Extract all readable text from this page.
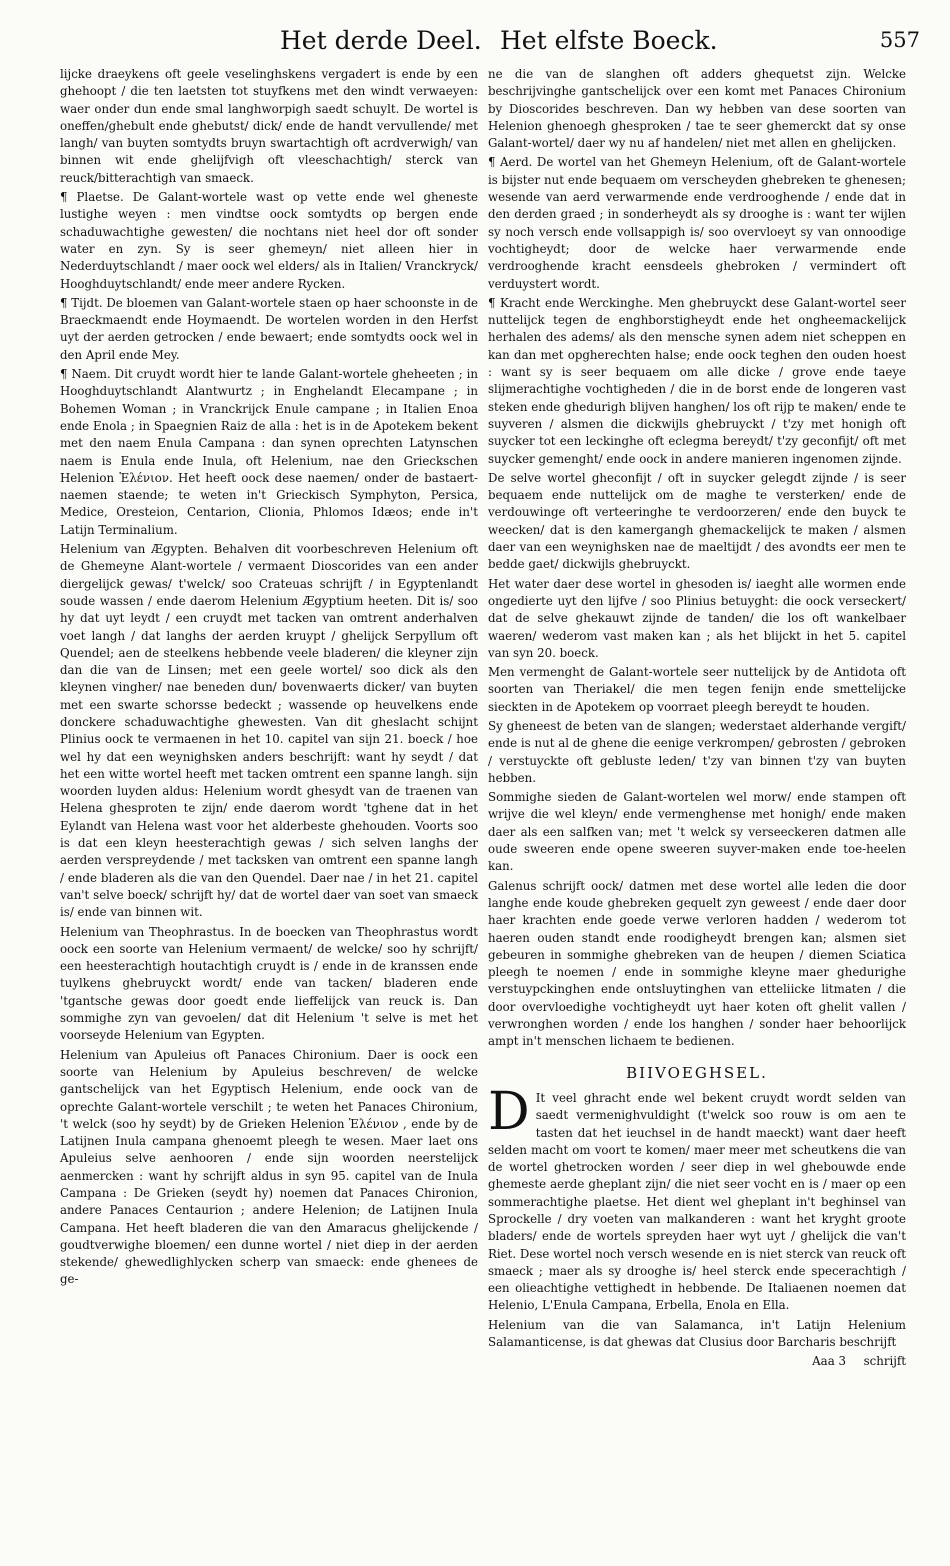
Het derde Deel. Het elfste Boeck.	557

lijcke draeykens oft geele veselinghskens vergadert is ende by een ghehoopt / die ten laetsten tot stuyfkens met den windt verwaeyen: waer onder dun ende smal langhworpigh saedt schuylt. De wortel is oneffen/ghebult ende ghebutst/ dick/ ende de handt vervullende/ met langh/ van buyten somtydts bruyn swartachtigh oft acrdverwigh/ van binnen wit ende ghelijfvigh oft vleeschachtigh/ sterck van reuck/bitterachtigh van smaeck.

¶ Plaetse. De Galant-wortele wast op vette ende wel gheneste lustighe weyen : men vindtse oock somtydts op bergen ende schaduwachtighe gewesten/ die nochtans niet heel dor oft sonder water en zyn. Sy is seer ghemeyn/ niet alleen hier in Nederduytschlandt / maer oock wel elders/ als in Italien/ Vranckryck/ Hooghduytschlandt/ ende meer andere Rycken.

¶ Tijdt. De bloemen van Galant-wortele staen op haer schoonste in de Braeckmaendt ende Hoymaendt. De wortelen worden in den Herfst uyt der aerden getrocken / ende bewaert; ende somtydts oock wel in den April ende Mey.

¶ Naem. Dit cruydt wordt hier te lande Galant-wortele gheheeten ; in Hooghduytschlandt Alantwurtz ; in Enghelandt Elecampane ; in Bohemen Woman ; in Vranckrijck Enule campane ; in Italien Enoa ende Enola ; in Spaegnien Raiz de alla : het is in de Apotekem bekent met den naem Enula Campana : dan synen oprechten Latynschen naem is Enula ende Inula, oft Helenium, nae den Grieckschen Helenion Ἑλένιον. Het heeft oock dese naemen/ onder de bastaert-naemen staende; te weten in't Grieckisch Symphyton, Persica, Medice, Oresteion, Centarion, Clionia, Phlomos Idæos; ende in't Latijn Terminalium.

Helenium van Ægypten. Behalven dit voorbeschreven Helenium oft de Ghemeyne Alant-wortele / vermaent Dioscorides van een ander diergelijck gewas/ t'welck/ soo Crateuas schrijft / in Egyptenlandt soude wassen / ende daerom Helenium Ægyptium heeten. Dit is/ soo hy dat uyt leydt / een cruydt met tacken van omtrent anderhalven voet langh / dat langhs der aerden kruypt / ghelijck Serpyllum oft Quendel; aen de steelkens hebbende veele bladeren/ die kleyner zijn dan die van de Linsen; met een geele wortel/ soo dick als den kleynen vingher/ nae beneden dun/ bovenwaerts dicker/ van buyten met een swarte schorsse bedeckt ; wassende op heuvelkens ende donckere schaduwachtighe ghewesten. Van dit gheslacht schijnt Plinius oock te vermaenen in het 10. capitel van sijn 21. boeck / hoe wel hy dat een weynighsken anders beschrijft: want hy seydt / dat het een witte wortel heeft met tacken omtrent een spanne langh. sijn woorden luyden aldus: Helenium wordt ghesydt van de traenen van Helena ghesproten te zijn/ ende daerom wordt 'tghene dat in het Eylandt van Helena wast voor het alderbeste ghehouden. Voorts soo is dat een kleyn heesterachtigh gewas / sich selven langhs der aerden verspreydende / met tacksken van omtrent een spanne langh / ende bladeren als die van den Quendel. Daer nae / in het 21. capitel van't selve boeck/ schrijft hy/ dat de wortel daer van soet van smaeck is/ ende van binnen wit.

Helenium van Theophrastus. In de boecken van Theophrastus wordt oock een soorte van Helenium vermaent/ de welcke/ soo hy schrijft/ een heesterachtigh houtachtigh cruydt is / ende in de kranssen ende tuylkens ghebruyckt wordt/ ende van tacken/ bladeren ende 'tgantsche gewas door goedt ende lieffelijck van reuck is. Dan sommighe zyn van gevoelen/ dat dit Helenium 't selve is met het voorseyde Helenium van Egypten.

Helenium van Apuleius oft Panaces Chironium. Daer is oock een soorte van Helenium by Apuleius beschreven/ de welcke gantschelijck van het Egyptisch Helenium, ende oock van de oprechte Galant-wortele verschilt ; te weten het Panaces Chironium, 't welck (soo hy seydt) by de Grieken Helenion Ἑλένιον , ende by de Latijnen Inula campana ghenoemt pleegh te wesen. Maer laet ons Apuleius selve aenhooren / ende sijn woorden neerstelijck aenmercken : want hy schrijft aldus in syn 95. capitel van de Inula Campana : De Grieken (seydt hy) noemen dat Panaces Chironion, andere Panaces Centaurion ; andere Helenion; de Latijnen Inula Campana. Het heeft bladeren die van den Amaracus ghelijckende / goudtverwighe bloemen/ een dunne wortel / niet diep in der aerden stekende/ ghewedlighlycken scherp van smaeck: ende ghenees de ge-

ne die van de slanghen oft adders ghequetst zijn. Welcke beschrijvinghe gantschelijck over een komt met Panaces Chironium by Dioscorides beschreven. Dan wy hebben van dese soorten van Helenion ghenoegh ghesproken / tae te seer ghemerckt dat sy onse Galant-wortel/ daer wy nu af handelen/ niet met allen en ghelijcken.

¶ Aerd. De wortel van het Ghemeyn Helenium, oft de Galant-wortele is bijster nut ende bequaem om verscheyden ghebreken te ghenesen; wesende van aerd verwarmende ende verdrooghende / ende dat in den derden graed ; in sonderheydt als sy drooghe is : want ter wijlen sy noch versch ende vollsappigh is/ soo overvloeyt sy van onnoodige vochtigheydt; door de welcke haer verwarmende ende verdrooghende kracht eensdeels ghebroken / vermindert oft verduystert wordt.

¶ Kracht ende Werckinghe. Men ghebruyckt dese Galant-wortel seer nuttelijck tegen de enghborstigheydt ende het ongheemackelijck herhalen des adems/ als den mensche synen adem niet scheppen en kan dan met opgherechten halse; ende oock teghen den ouden hoest : want sy is seer bequaem om alle dicke / grove ende taeye slijmerachtighe vochtigheden / die in de borst ende de longeren vast steken ende ghedurigh blijven hanghen/ los oft rijp te maken/ ende te suyveren / alsmen die dickwijls ghebruyckt / t'zy met honigh oft suycker tot een leckinghe oft eclegma bereydt/ t'zy geconfijt/ oft met suycker gemenght/ ende oock in andere manieren ingenomen zijnde.

De selve wortel gheconfijt / oft in suycker gelegdt zijnde / is seer bequaem ende nuttelijck om de maghe te versterken/ ende de verdouwinge oft verteeringhe te verdoorzeren/ ende den buyck te weecken/ dat is den kamergangh ghemackelijck te maken / alsmen daer van een weynighsken nae de maeltijdt / des avondts eer men te bedde gaet/ dickwijls ghebruyckt.

Het water daer dese wortel in ghesoden is/ iaeght alle wormen ende ongedierte uyt den lijfve / soo Plinius betuyght: die oock verseckert/ dat de selve ghekauwt zijnde de tanden/ die los oft wankelbaer waeren/ wederom vast maken kan ; als het blijckt in het 5. capitel van syn 20. boeck.

Men vermenght de Galant-wortele seer nuttelijck by de Antidota oft soorten van Theriakel/ die men tegen fenijn ende smettelijcke sieckten in de Apotekem op voorraet pleegh bereydt te houden.

Sy gheneest de beten van de slangen; wederstaet alderhande vergift/ ende is nut al de ghene die eenige verkrompen/ gebrosten / gebroken / verstuyckte oft gebluste leden/ t'zy van binnen t'zy van buyten hebben.

Sommighe sieden de Galant-wortelen wel morw/ ende stampen oft wrijve die wel kleyn/ ende vermenghense met honigh/ ende maken daer als een salfken van; met 't welck sy verseeckeren datmen alle oude sweeren ende opene sweeren suyver-maken ende toe-heelen kan.

Galenus schrijft oock/ datmen met dese wortel alle leden die door langhe ende koude ghebreken gequelt zyn geweest / ende daer door haer krachten ende goede verwe verloren hadden / wederom tot haeren ouden standt ende roodigheydt brengen kan; alsmen siet gebeuren in sommighe ghebreken van de heupen / diemen Sciatica pleegh te noemen / ende in sommighe kleyne maer ghedurighe verstuypckinghen ende ontsluytinghen van etteliicke litmaten / die door overvloedighe vochtigheydt uyt haer koten oft ghelit vallen / verwronghen worden / ende los hanghen / sonder haer behoorlijck ampt in't menschen lichaem te bedienen.

BIIVOEGHSEL.

D It veel ghracht ende wel bekent cruydt wordt selden van saedt vermenighvuldight (t'welck soo rouw is om aen te tasten dat het ieuchsel in de handt maeckt) want daer heeft selden macht om voort te komen/ maer meer met scheutkens die van de wortel ghetrocken worden / seer diep in wel ghebouwde ende ghemeste aerde gheplant zijn/ die niet seer vocht en is / maer op een sommerachtighe plaetse. Het dient wel gheplant in't beghinsel van Sprockelle / dry voeten van malkanderen : want het kryght groote bladers/ ende de wortels spreyden haer wyt uyt / ghelijck die van't Riet. Dese wortel noch versch wesende en is niet sterck van reuck oft smaeck ; maer als sy drooghe is/ heel sterck ende specerachtigh / een olieachtighe vettighedt in hebbende. De Italiaenen noemen dat Helenio, L'Enula Campana, Erbella, Enola en Ella.

Helenium van die van Salamanca, in't Latijn Helenium Salamanticense, is dat ghewas dat Clusius door Barcharis beschrijft

Aaa 3 schrijft
